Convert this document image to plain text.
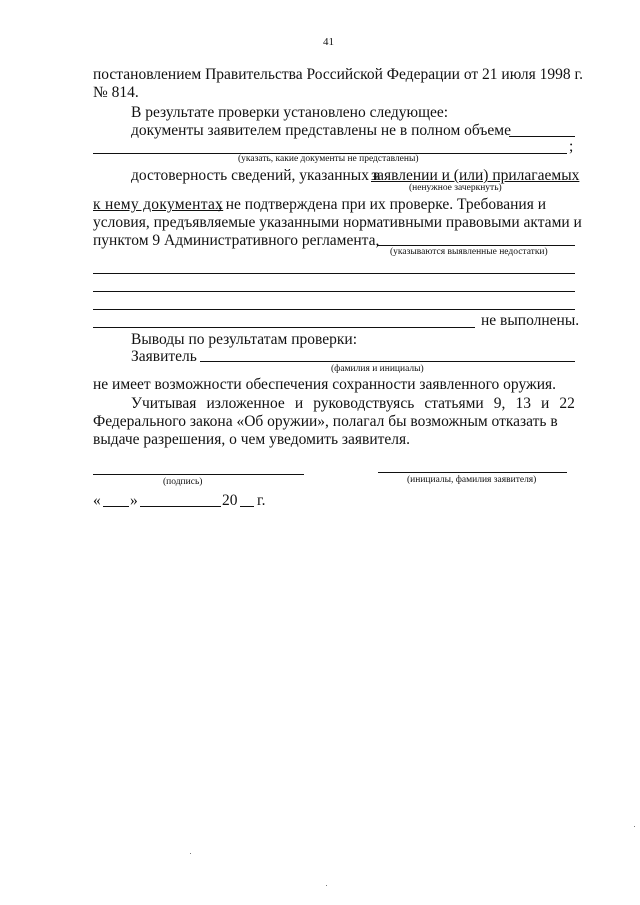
41
постановлением Правительства Российской Федерации от 21 июля 1998 г.
№ 814.
В результате проверки установлено следующее:
документы заявителем представлены не в полном объеме
;
(указать, какие документы не представлены)
достоверность сведений, указанных в
заявлении и (или) прилагаемых
(ненужное зачеркнуть)
к нему документах
, не подтверждена при их проверке. Требования и
условия, предъявляемые указанными нормативными правовыми актами и
пунктом 9 Административного регламента,
(указываются выявленные недостатки)
не выполнены.
Выводы по результатам проверки:
Заявитель
(фамилия и инициалы)
не имеет возможности обеспечения сохранности заявленного оружия.
Учитывая изложенное и руководствуясь статьями 9, 13 и 22
Федерального закона «Об оружии», полагал бы возможным отказать в
выдаче разрешения, о чем уведомить заявителя.
(подпись)	(инициалы, фамилия заявителя)
« »	20 г.
